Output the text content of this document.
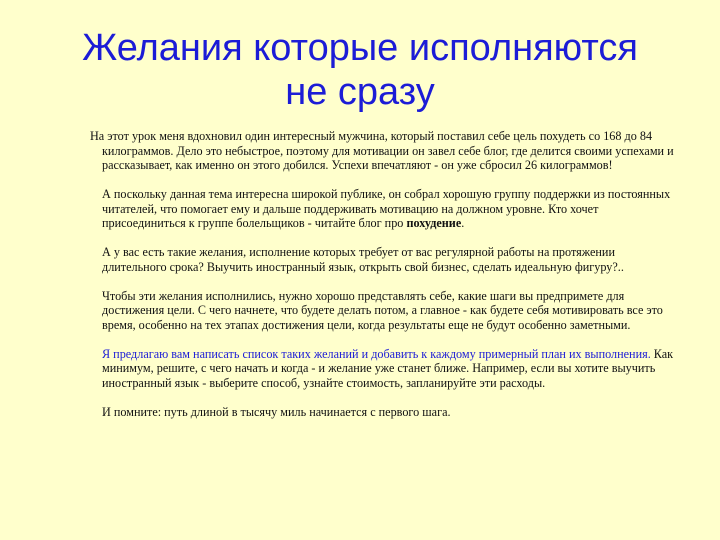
Желания которые исполняются
не сразу

На этот урок меня вдохновил один интересный мужчина, который поставил себе цель похудеть со 168 до 84 килограммов. Дело это небыстрое, поэтому для мотивации он завел себе блог, где делится своими успехами и рассказывает, как именно он этого добился. Успехи впечатляют - он уже сбросил 26 килограммов!

А поскольку данная тема интересна широкой публике, он собрал хорошую группу поддержки из постоянных читателей, что помогает ему и дальше поддерживать мотивацию на должном уровне. Кто хочет присоединиться к группе болельщиков - читайте блог про похудение.

А у вас есть такие желания, исполнение которых требует от вас регулярной работы на протяжении длительного срока? Выучить иностранный язык, открыть свой бизнес, сделать идеальную фигуру?..

Чтобы эти желания исполнились, нужно хорошо представлять себе, какие шаги вы предпримете для достижения цели. С чего начнете, что будете делать потом, а главное - как будете себя мотивировать все это время, особенно на тех этапах достижения цели, когда результаты еще не будут особенно заметными.

Я предлагаю вам написать список таких желаний и добавить к каждому примерный план их выполнения. Как минимум, решите, с чего начать и когда - и желание уже станет ближе. Например, если вы хотите выучить иностранный язык - выберите способ, узнайте стоимость, запланируйте эти расходы.

И помните: путь длиной в тысячу миль начинается с первого шага.
